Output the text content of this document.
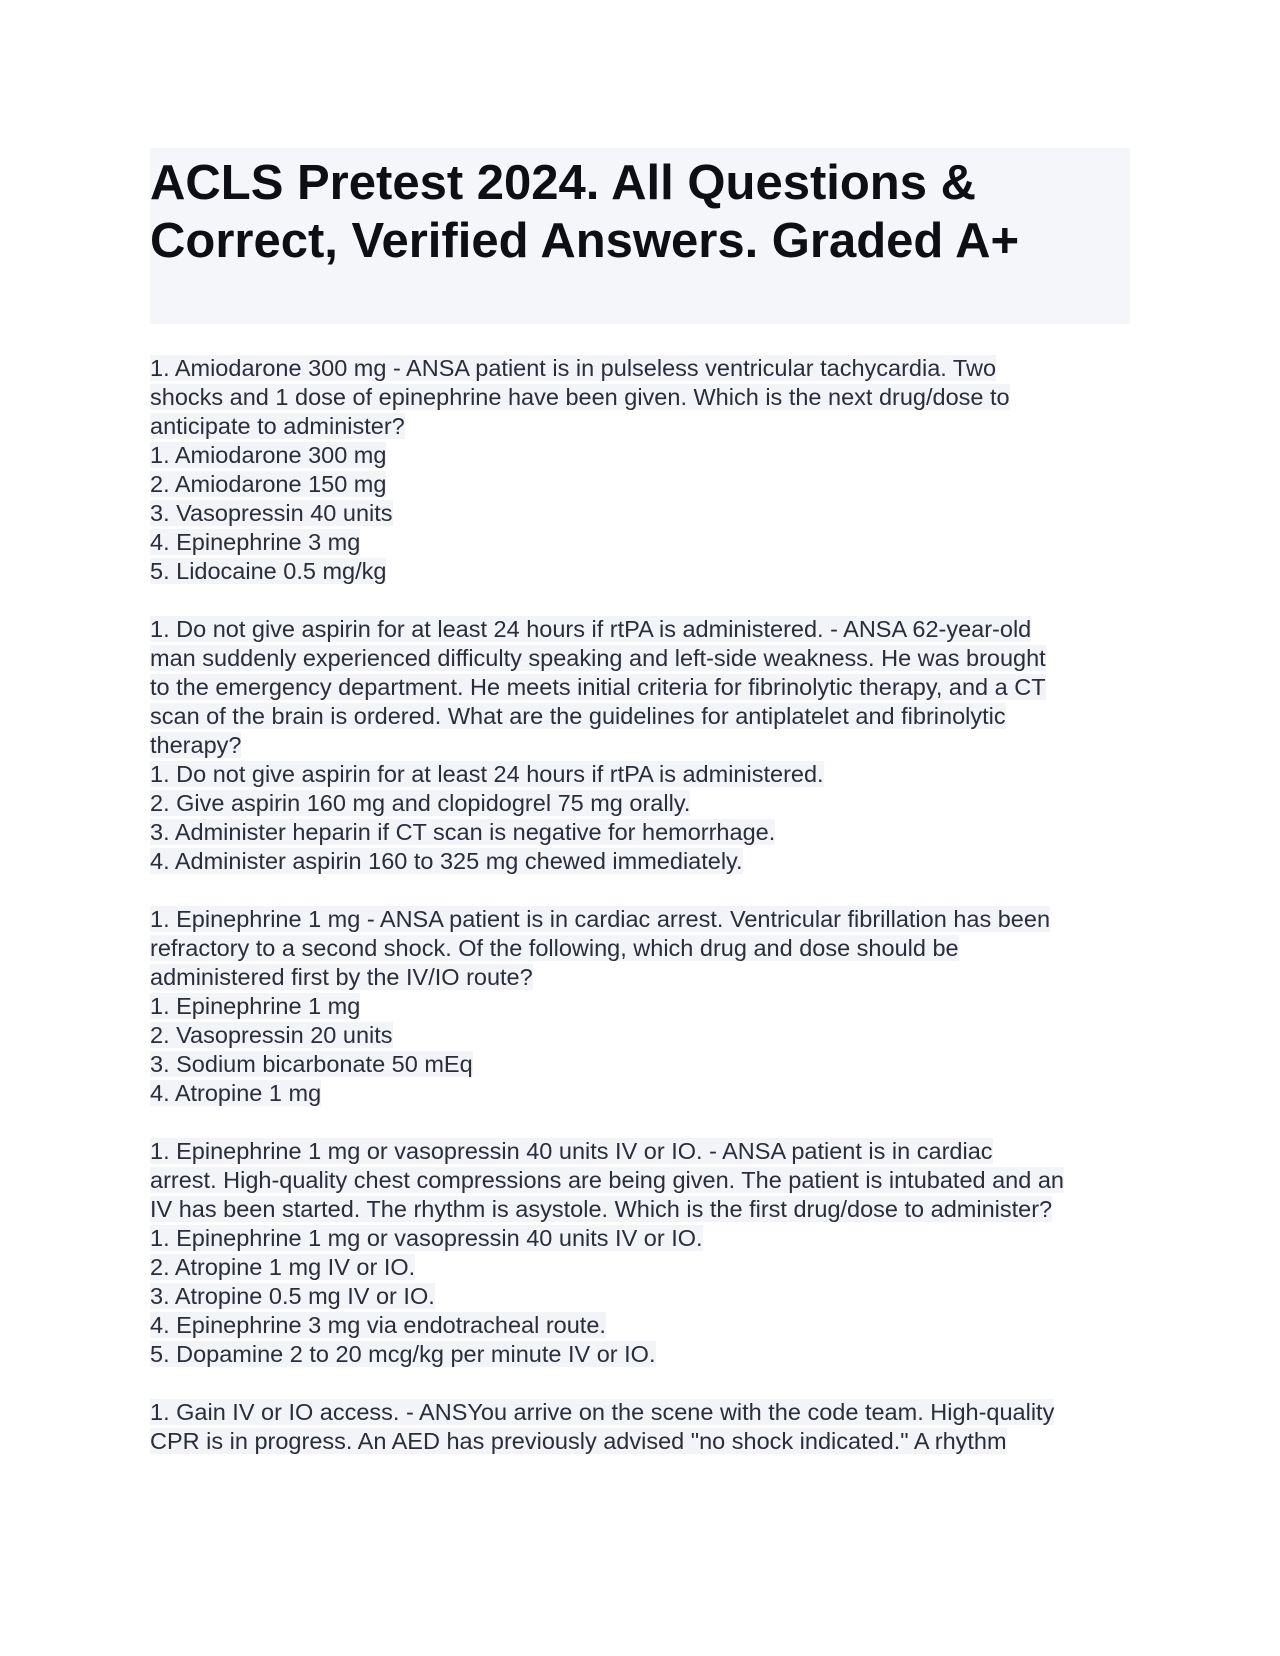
ACLS Pretest 2024. All Questions &
Correct, Verified Answers. Graded A+
1. Amiodarone 300 mg - ANSA patient is in pulseless ventricular tachycardia. Two
shocks and 1 dose of epinephrine have been given. Which is the next drug/dose to
anticipate to administer?
1. Amiodarone 300 mg
2. Amiodarone 150 mg
3. Vasopressin 40 units
4. Epinephrine 3 mg
5. Lidocaine 0.5 mg/kg
1. Do not give aspirin for at least 24 hours if rtPA is administered. - ANSA 62-year-old
man suddenly experienced difficulty speaking and left-side weakness. He was brought
to the emergency department. He meets initial criteria for fibrinolytic therapy, and a CT
scan of the brain is ordered. What are the guidelines for antiplatelet and fibrinolytic
therapy?
1. Do not give aspirin for at least 24 hours if rtPA is administered.
2. Give aspirin 160 mg and clopidogrel 75 mg orally.
3. Administer heparin if CT scan is negative for hemorrhage.
4. Administer aspirin 160 to 325 mg chewed immediately.
1. Epinephrine 1 mg - ANSA patient is in cardiac arrest. Ventricular fibrillation has been
refractory to a second shock. Of the following, which drug and dose should be
administered first by the IV/IO route?
1. Epinephrine 1 mg
2. Vasopressin 20 units
3. Sodium bicarbonate 50 mEq
4. Atropine 1 mg
1. Epinephrine 1 mg or vasopressin 40 units IV or IO. - ANSA patient is in cardiac
arrest. High-quality chest compressions are being given. The patient is intubated and an
IV has been started. The rhythm is asystole. Which is the first drug/dose to administer?
1. Epinephrine 1 mg or vasopressin 40 units IV or IO.
2. Atropine 1 mg IV or IO.
3. Atropine 0.5 mg IV or IO.
4. Epinephrine 3 mg via endotracheal route.
5. Dopamine 2 to 20 mcg/kg per minute IV or IO.
1. Gain IV or IO access. - ANSYou arrive on the scene with the code team. High-quality
CPR is in progress. An AED has previously advised "no shock indicated." A rhythm
